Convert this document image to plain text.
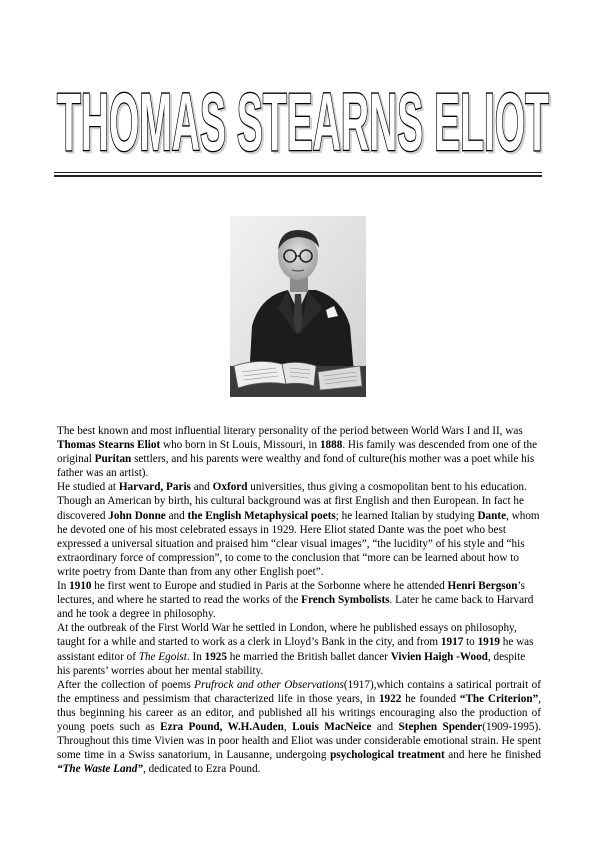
THOMAS STEARNS ELIOT

The best known and most influential literary personality of the period between World Wars I and II, was Thomas Stearns Eliot who born in St Louis, Missouri, in 1888. His family was descended from one of the original Puritan settlers, and his parents were wealthy and fond of culture(his mother was a poet while his father was an artist).

He studied at Harvard, Paris and Oxford universities, thus giving a cosmopolitan bent to his education. Though an American by birth, his cultural background was at first English and then European. In fact he discovered John Donne and the English Metaphysical poets; he learned Italian by studying Dante, whom he devoted one of his most celebrated essays in 1929. Here Eliot stated Dante was the poet who best expressed a universal situation and praised him “clear visual images”, “the lucidity” of his style and “his extraordinary force of compression”, to come to the conclusion that “more can be learned about how to write poetry from Dante than from any other English poet”.

In 1910 he first went to Europe and studied in Paris at the Sorbonne where he attended Henri Bergson’s lectures, and where he started to read the works of the French Symbolists. Later he came back to Harvard and he took a degree in philosophy.

At the outbreak of the First World War he settled in London, where he published essays on philosophy, taught for a while and started to work as a clerk in Lloyd’s Bank in the city, and from 1917 to 1919 he was assistant editor of The Egoist. In 1925 he married the British ballet dancer Vivien Haigh -Wood, despite his parents’ worries about her mental stability.

After the collection of poems Prufrock and other Observations(1917),which contains a satirical portrait of the emptiness and pessimism that characterized life in those years, in 1922 he founded “The Criterion”, thus beginning his career as an editor, and published all his writings encouraging also the production of young poets such as Ezra Pound, W.H.Auden, Louis MacNeice and Stephen Spender(1909-1995). Throughout this time Vivien was in poor health and Eliot was under considerable emotional strain. He spent some time in a Swiss sanatorium, in Lausanne, undergoing psychological treatment and here he finished “The Waste Land”, dedicated to Ezra Pound.
